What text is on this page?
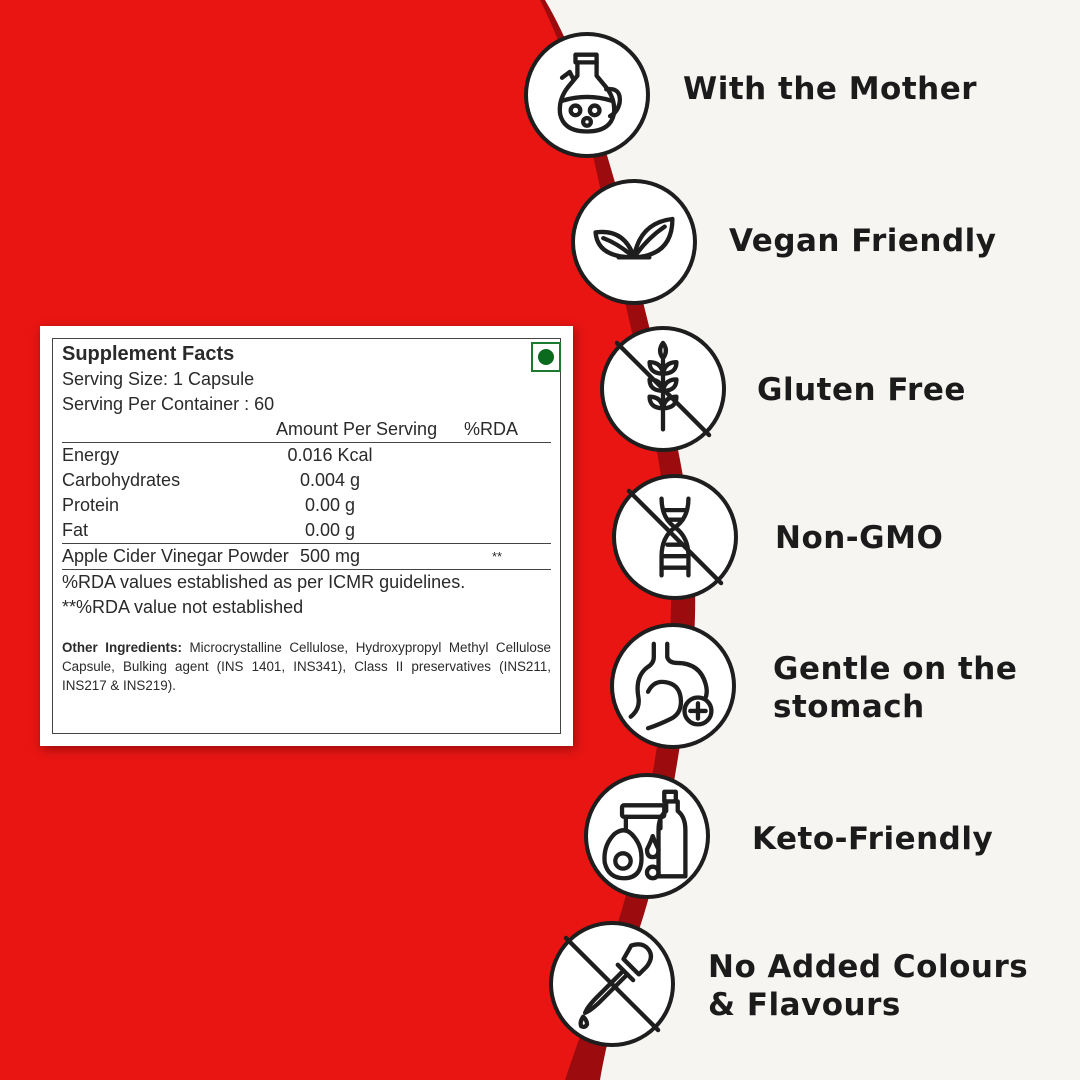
Supplement Facts
Serving Size: 1 Capsule
Serving Per Container : 60
Amount Per Serving %RDA
Energy	0.016 Kcal
Carbohydrates	0.004 g
Protein	0.00 g
Fat	0.00 g
Apple Cider Vinegar Powder 500 mg	**
%RDA values established as per ICMR guidelines.
**%RDA value not established
Other Ingredients: Microcrystalline Cellulose, Hydroxypropyl Methyl Cellulose Capsule, Bulking agent (INS 1401, INS341), Class II preservatives (INS211, INS217 & INS219).
With the Mother
Vegan Friendly
Gluten Free
Non-GMO
Gentle on the
stomach
Keto-Friendly
No Added Colours
& Flavours
